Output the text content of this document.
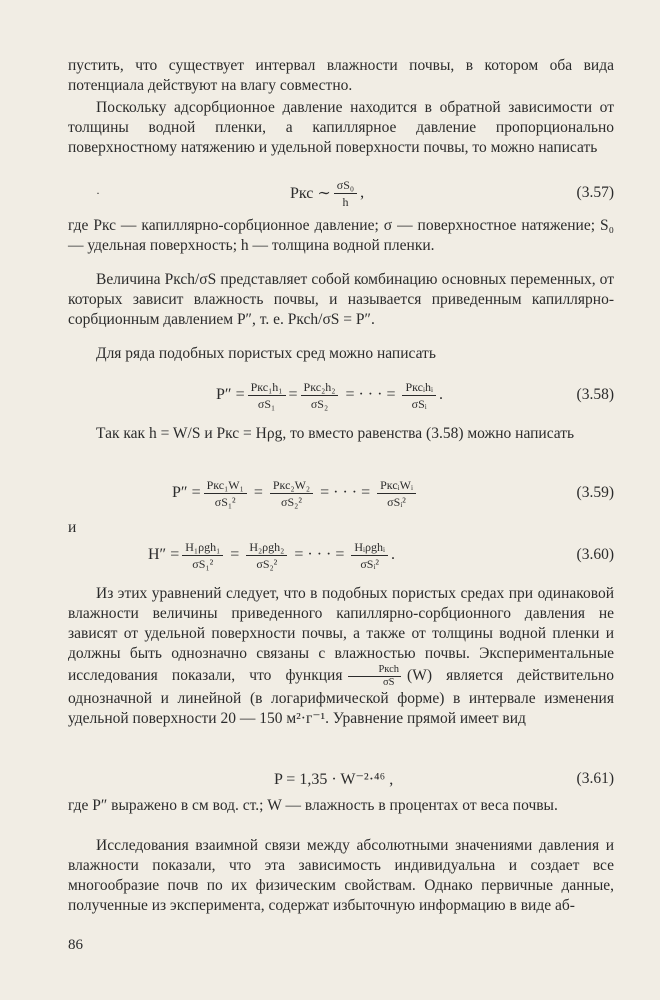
пустить, что существует интервал влажности почвы, в котором оба вида потенциала действуют на влагу совместно.

Поскольку адсорбционное давление находится в обратной зависимости от толщины водной пленки, а капиллярное давление пропорционально поверхностному натяжению и удельной поверхности почвы, то можно написать

·	Pкс ∼ $\frac{\text{σS₀}}{h}$ ,	(3.57)

где Pкс — капиллярно-сорбционное давление; σ — поверхностное натяжение; S₀ — удельная поверхность; h — толщина водной пленки.

Величина Pксh/σS представляет собой комбинацию основных переменных, от которых зависит влажность почвы, и называется приведенным капиллярно-сорбционным давлением P″, т. е. Pксh/σS = P″.

Для ряда подобных пористых сред можно написать

$P'' = \frac{\text{Pкс₁h₁}}{\text{σS₁}} = \frac{\text{Pкс₂h₂}}{\text{σS₂}}$ = · · · = $\frac{\text{Pксᵢhᵢ}}{\text{σSᵢ}}$ .	(3.58)

Так как h = W/S и Pкс = Hρg, то вместо равенства (3.58) можно написать

$P'' = \frac{\text{Pкс₁W₁}}{\text{σS₁²}} = \frac{\text{Pкс₂W₂}}{\text{σS₂²}}$ = · · · = $\frac{\text{PксᵢWᵢ}}{\text{σSᵢ²}}$	(3.59)

и

$H'' = \frac{\text{H₁ρgh₁}}{\text{σS₁²}} = \frac{\text{H₂ρgh₂}}{\text{σS₂²}}$ = · · · = $\frac{\text{Hᵢρghᵢ}}{\text{σSᵢ²}}$ .	(3.60)

Из этих уравнений следует, что в подобных пористых средах при одинаковой влажности величины приведенного капиллярно-сорбционного давления не зависят от удельной поверхности почвы, а также от толщины водной пленки и должны быть однозначно связаны с влажностью почвы. Экспериментальные исследования показали, что функция $\frac{\text{Pксh}}{\sigma S} (W)$ является действительно однозначной и линейной (в логарифмической форме) в интервале изменения удельной поверхности 20 — 150 м²·г⁻¹. Уравнение прямой имеет вид

P = 1,35 · W⁻²·⁴⁶ ,	(3.61)

где P″ выражено в см вод. ст.; W — влажность в процентах от веса почвы.

Исследования взаимной связи между абсолютными значениями давления и влажности показали, что эта зависимость индивидуальна и создает все многообразие почв по их физическим свойствам. Однако первичные данные, полученные из эксперимента, содержат избыточную информацию в виде аб-

86
